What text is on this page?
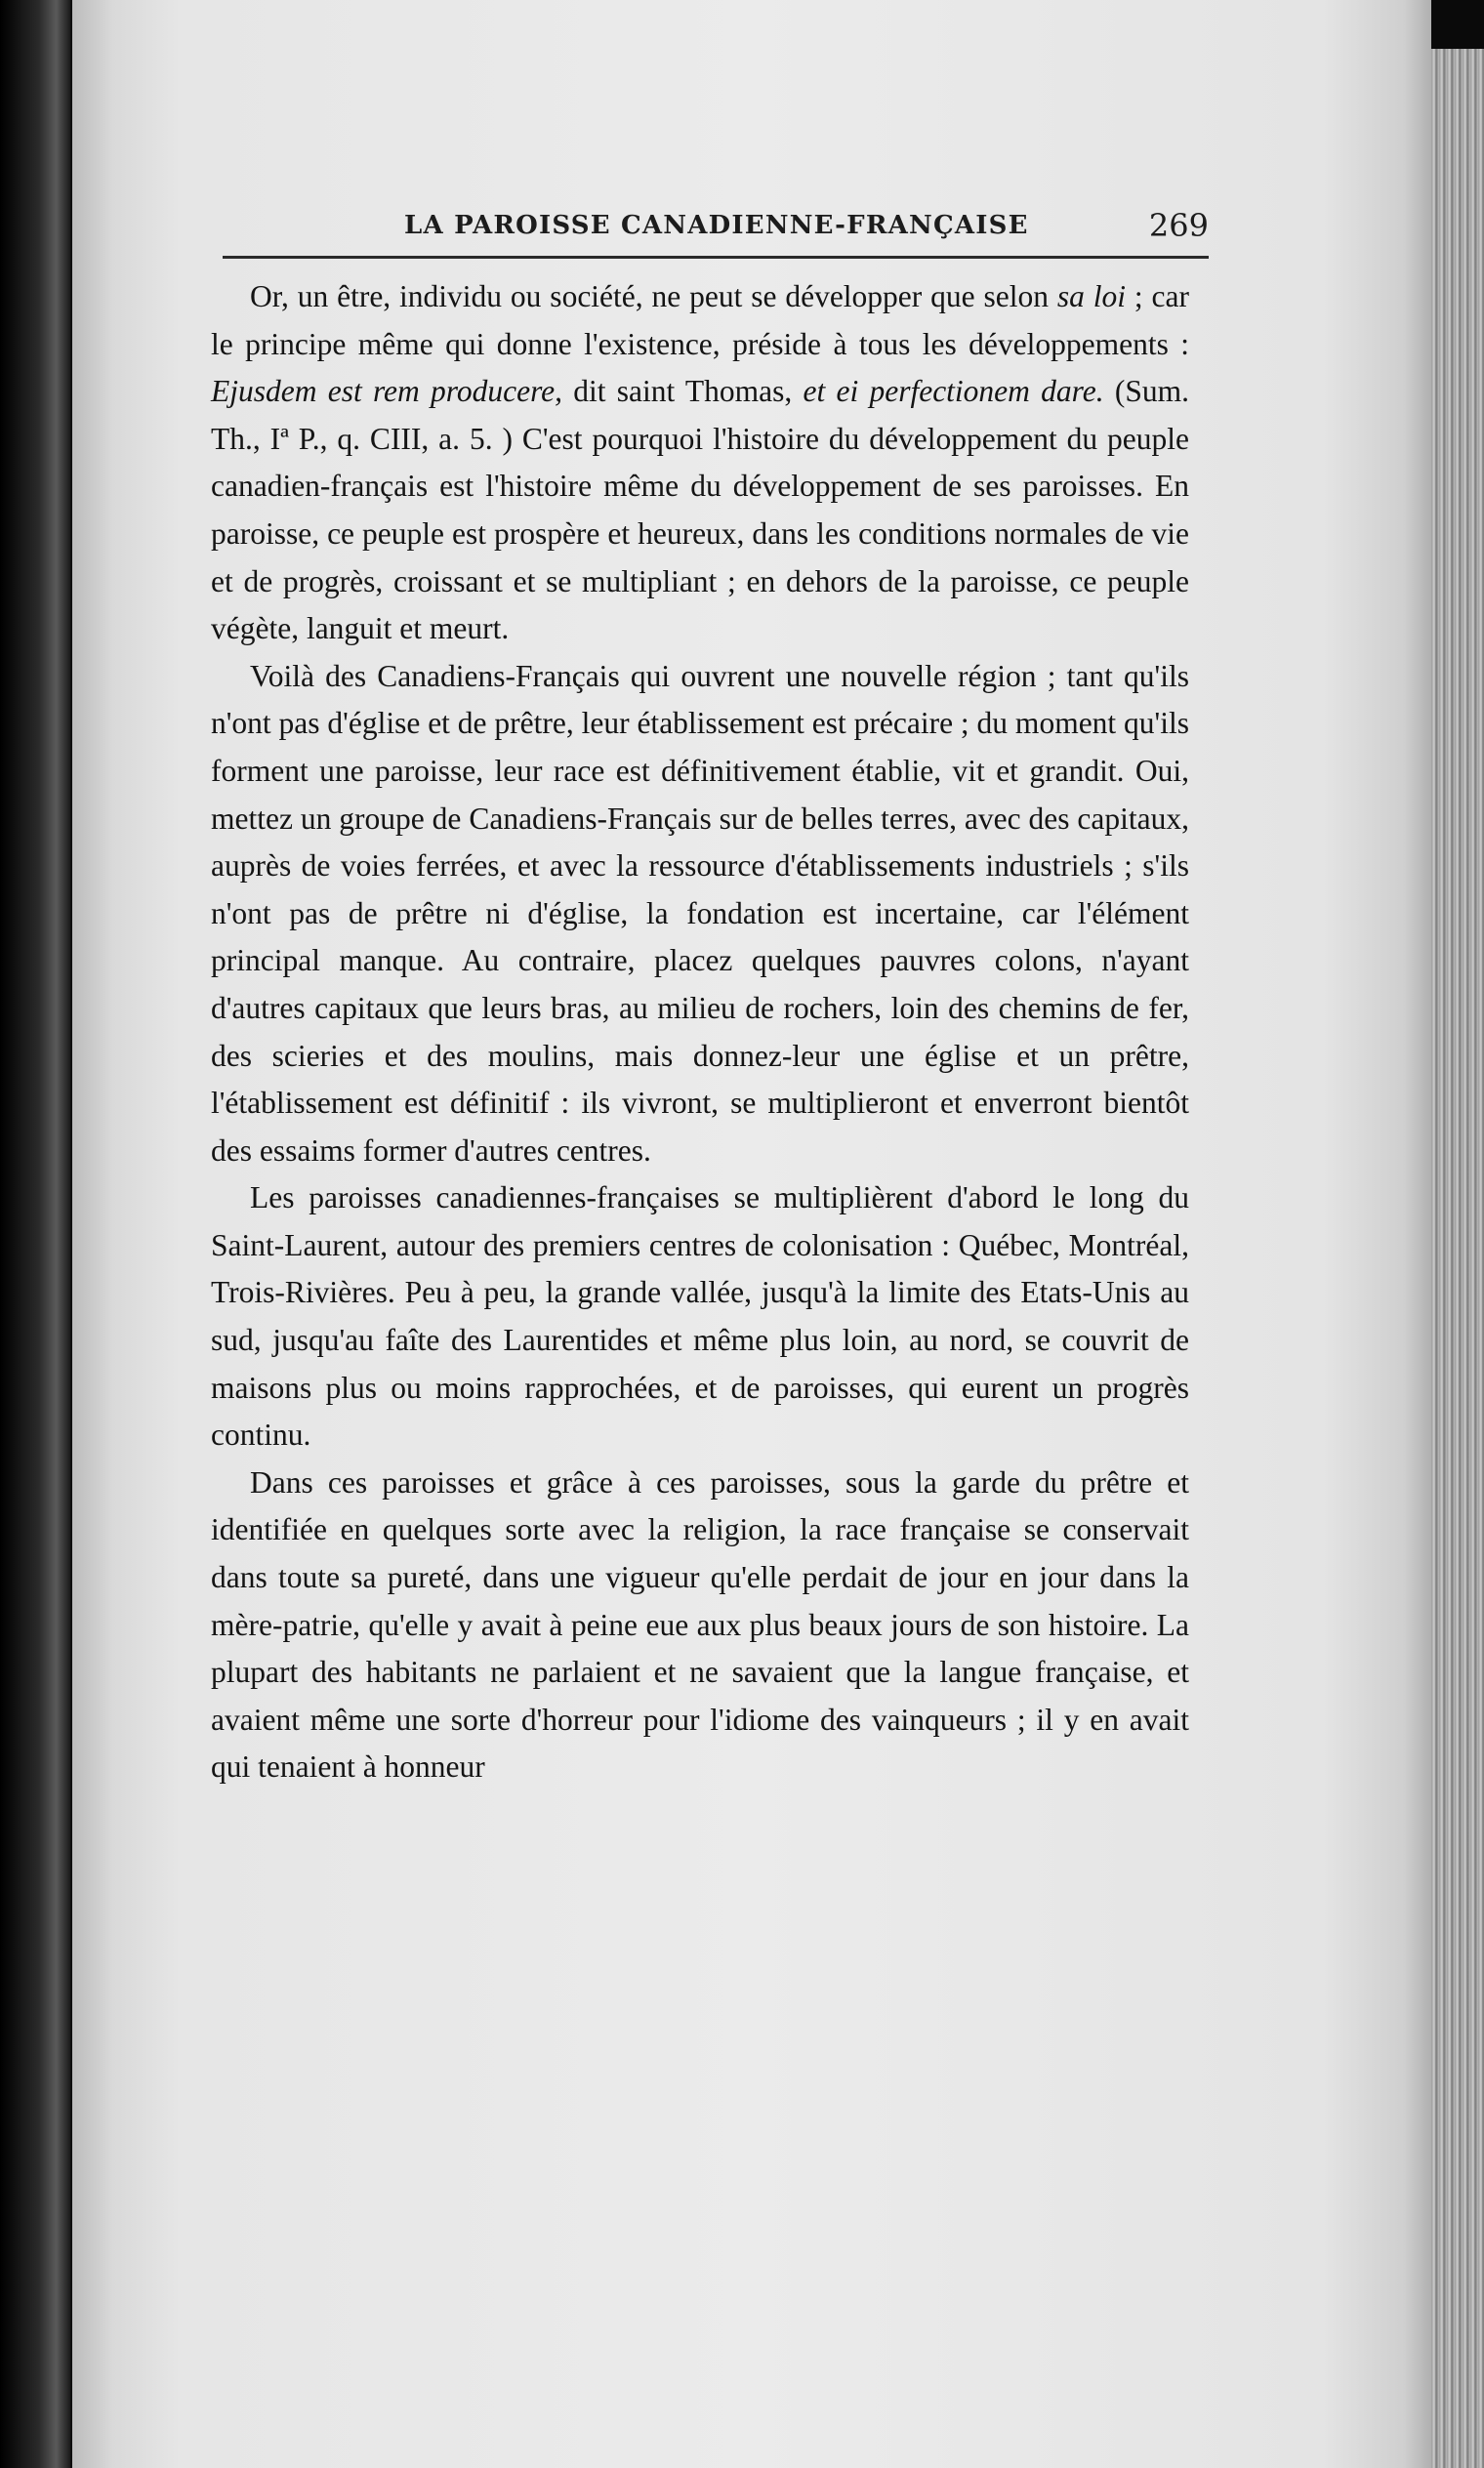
LA PAROISSE CANADIENNE-FRANÇAISE	269

Or, un être, individu ou société, ne peut se développer que selon sa loi ; car le principe même qui donne l'existence, préside à tous les développements : Ejusdem est rem producere, dit saint Thomas, et ei perfectionem dare. (Sum. Th., Iª P., q. CIII, a. 5. ) C'est pourquoi l'histoire du développement du peuple canadien-français est l'histoire même du développement de ses paroisses. En paroisse, ce peuple est prospère et heureux, dans les conditions normales de vie et de progrès, croissant et se multipliant ; en dehors de la paroisse, ce peuple végète, languit et meurt.

Voilà des Canadiens-Français qui ouvrent une nouvelle région ; tant qu'ils n'ont pas d'église et de prêtre, leur établissement est précaire ; du moment qu'ils forment une paroisse, leur race est définitivement établie, vit et grandit. Oui, mettez un groupe de Canadiens-Français sur de belles terres, avec des capitaux, auprès de voies ferrées, et avec la ressource d'établissements industriels ; s'ils n'ont pas de prêtre ni d'église, la fondation est incertaine, car l'élément principal manque. Au contraire, placez quelques pauvres colons, n'ayant d'autres capitaux que leurs bras, au milieu de rochers, loin des chemins de fer, des scieries et des moulins, mais donnez-leur une église et un prêtre, l'établissement est définitif : ils vivront, se multiplieront et enverront bientôt des essaims former d'autres centres.

Les paroisses canadiennes-françaises se multiplièrent d'abord le long du Saint-Laurent, autour des premiers centres de colonisation : Québec, Montréal, Trois-Rivières. Peu à peu, la grande vallée, jusqu'à la limite des Etats-Unis au sud, jusqu'au faîte des Laurentides et même plus loin, au nord, se couvrit de maisons plus ou moins rapprochées, et de paroisses, qui eurent un progrès continu.

Dans ces paroisses et grâce à ces paroisses, sous la garde du prêtre et identifiée en quelques sorte avec la religion, la race française se conservait dans toute sa pureté, dans une vigueur qu'elle perdait de jour en jour dans la mère-patrie, qu'elle y avait à peine eue aux plus beaux jours de son histoire. La plupart des habitants ne parlaient et ne savaient que la langue française, et avaient même une sorte d'horreur pour l'idiome des vainqueurs ; il y en avait qui tenaient à honneur
